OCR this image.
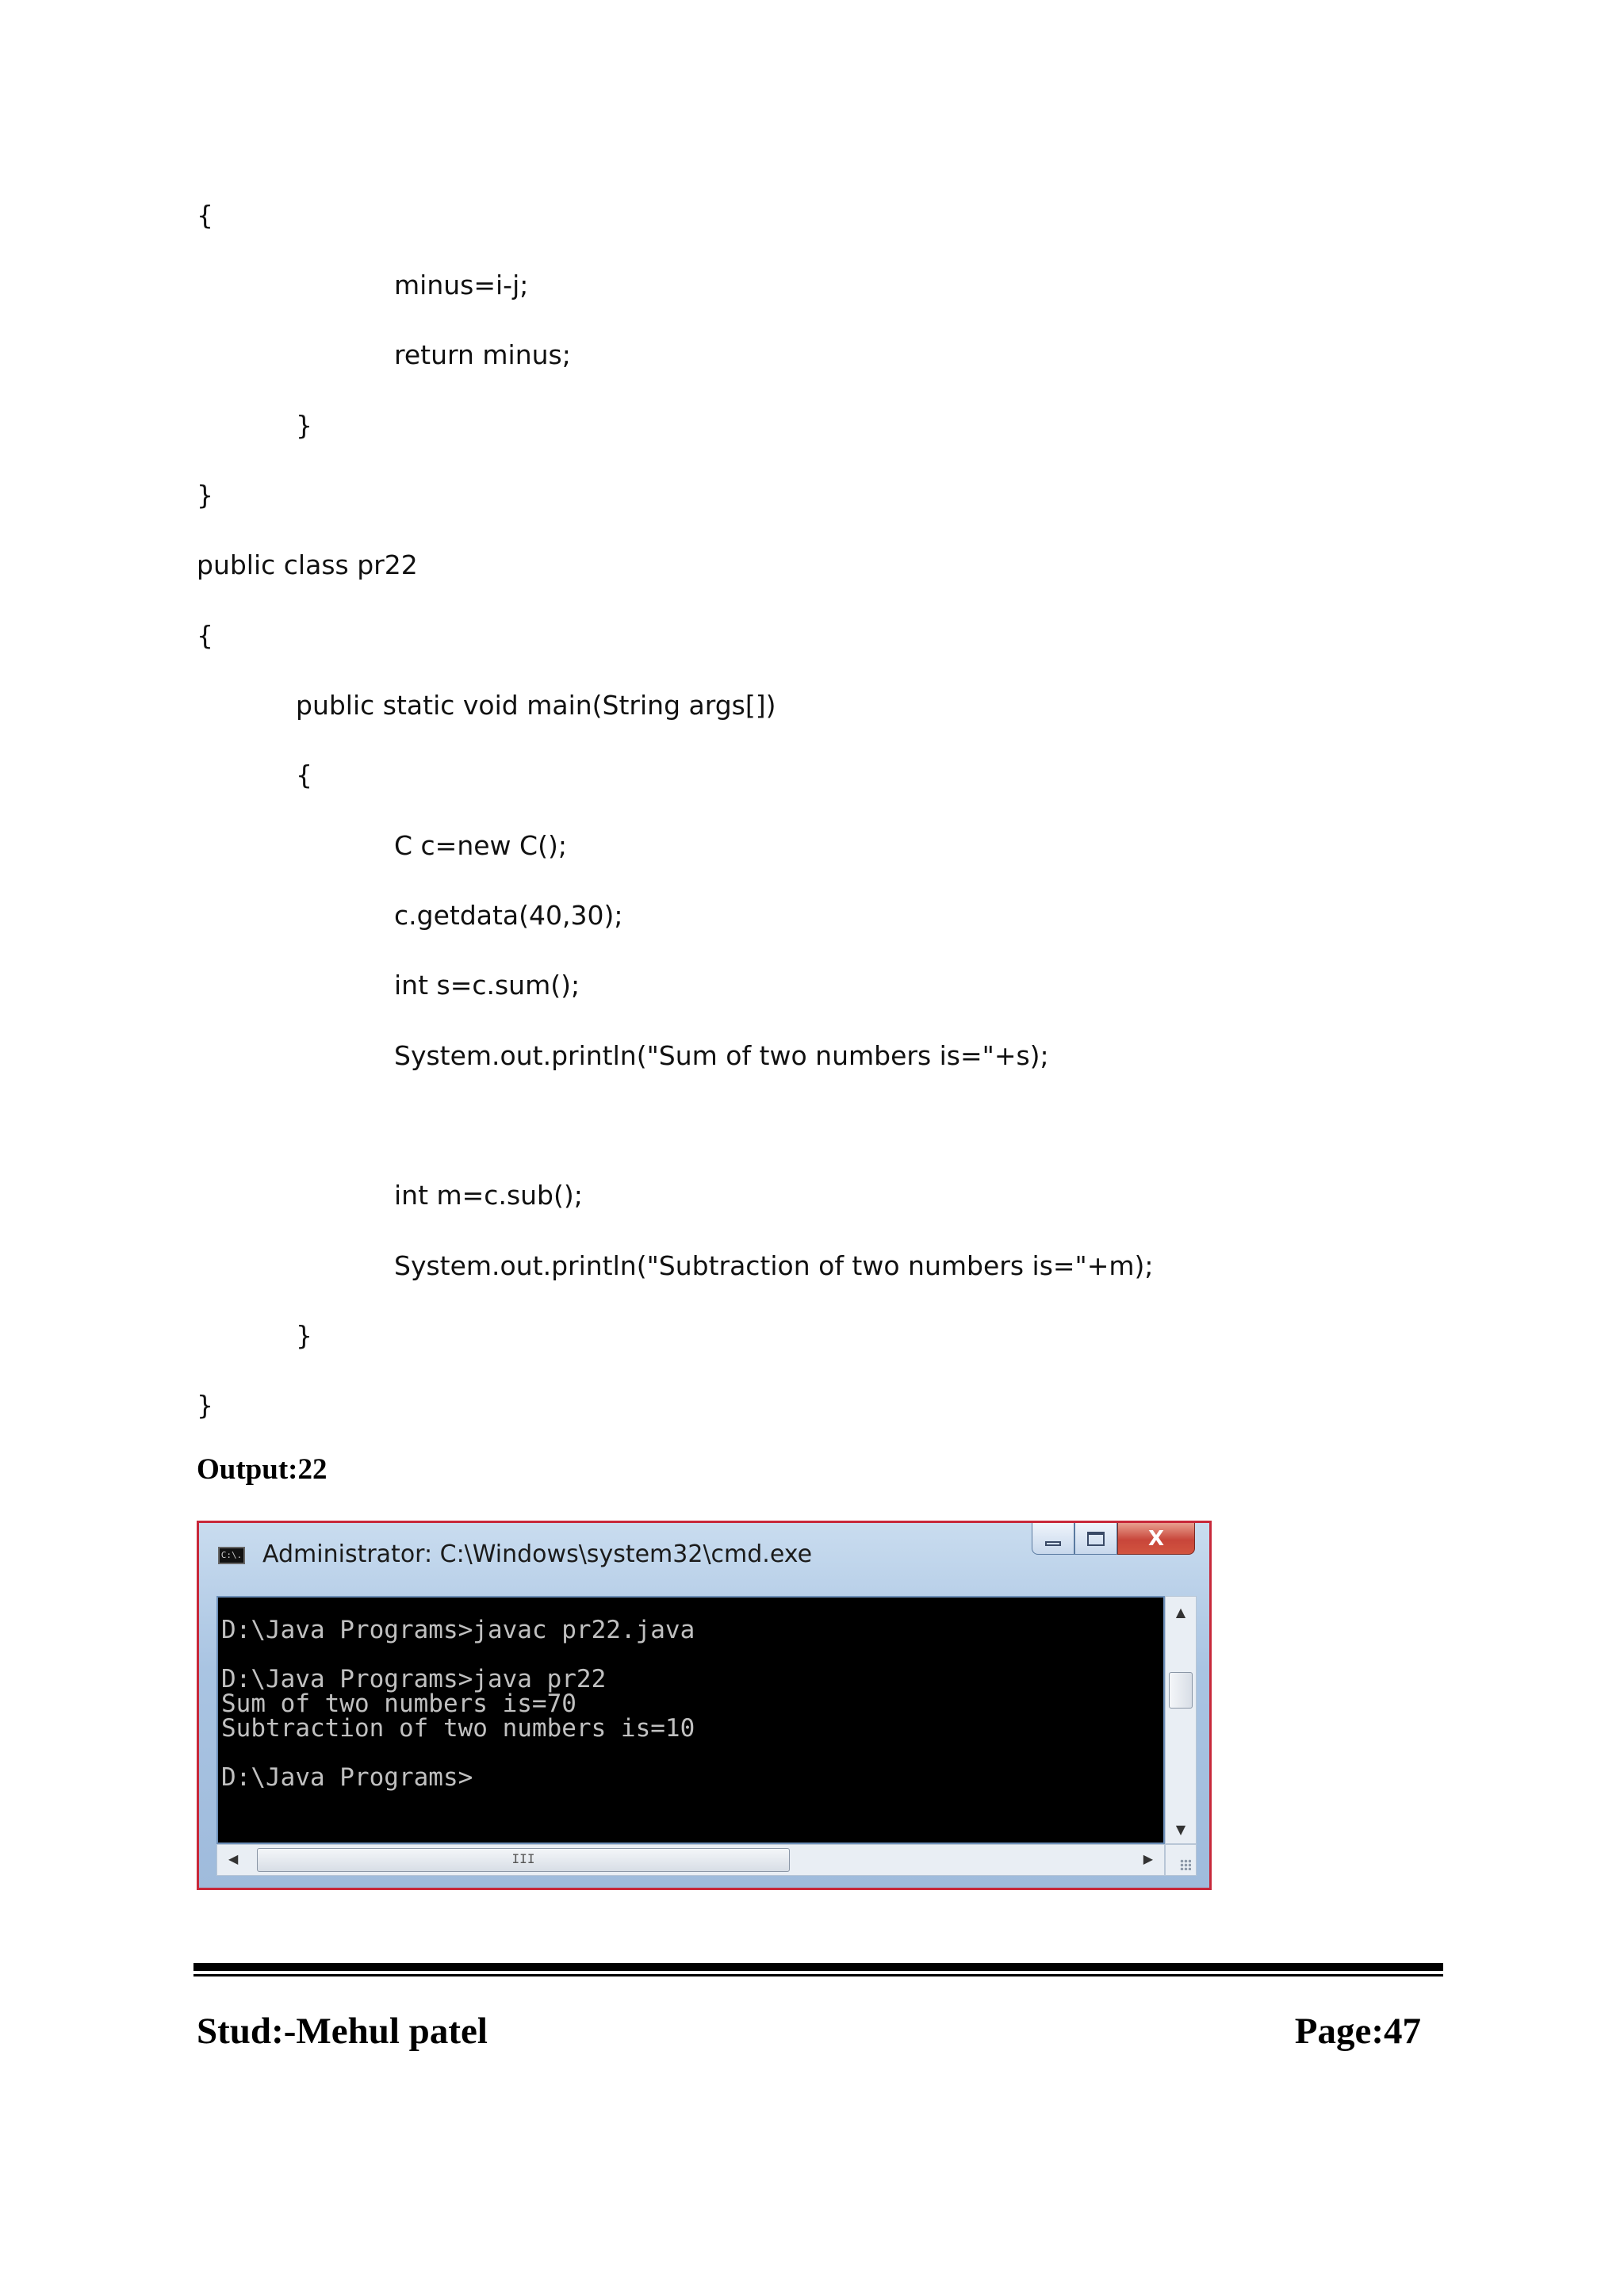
{
minus=i-j;
return minus;
}
}
public class pr22
{
public static void main(String args[])
{
C c=new C();
c.getdata(40,30);
int s=c.sum();
System.out.println("Sum of two numbers is="+s);
int m=c.sub();
System.out.println("Subtraction of two numbers is="+m);
}
}
Output:22
C:\. Administrator: C:\Windows\system32\cmd.exe
X
D:\Java Programs>javac pr22.java
D:\Java Programs>java pr22
Sum of two numbers is=70
Subtraction of two numbers is=10
D:\Java Programs>
▲
▼
◀	III	▶
Stud:-Mehul patel	Page:47
